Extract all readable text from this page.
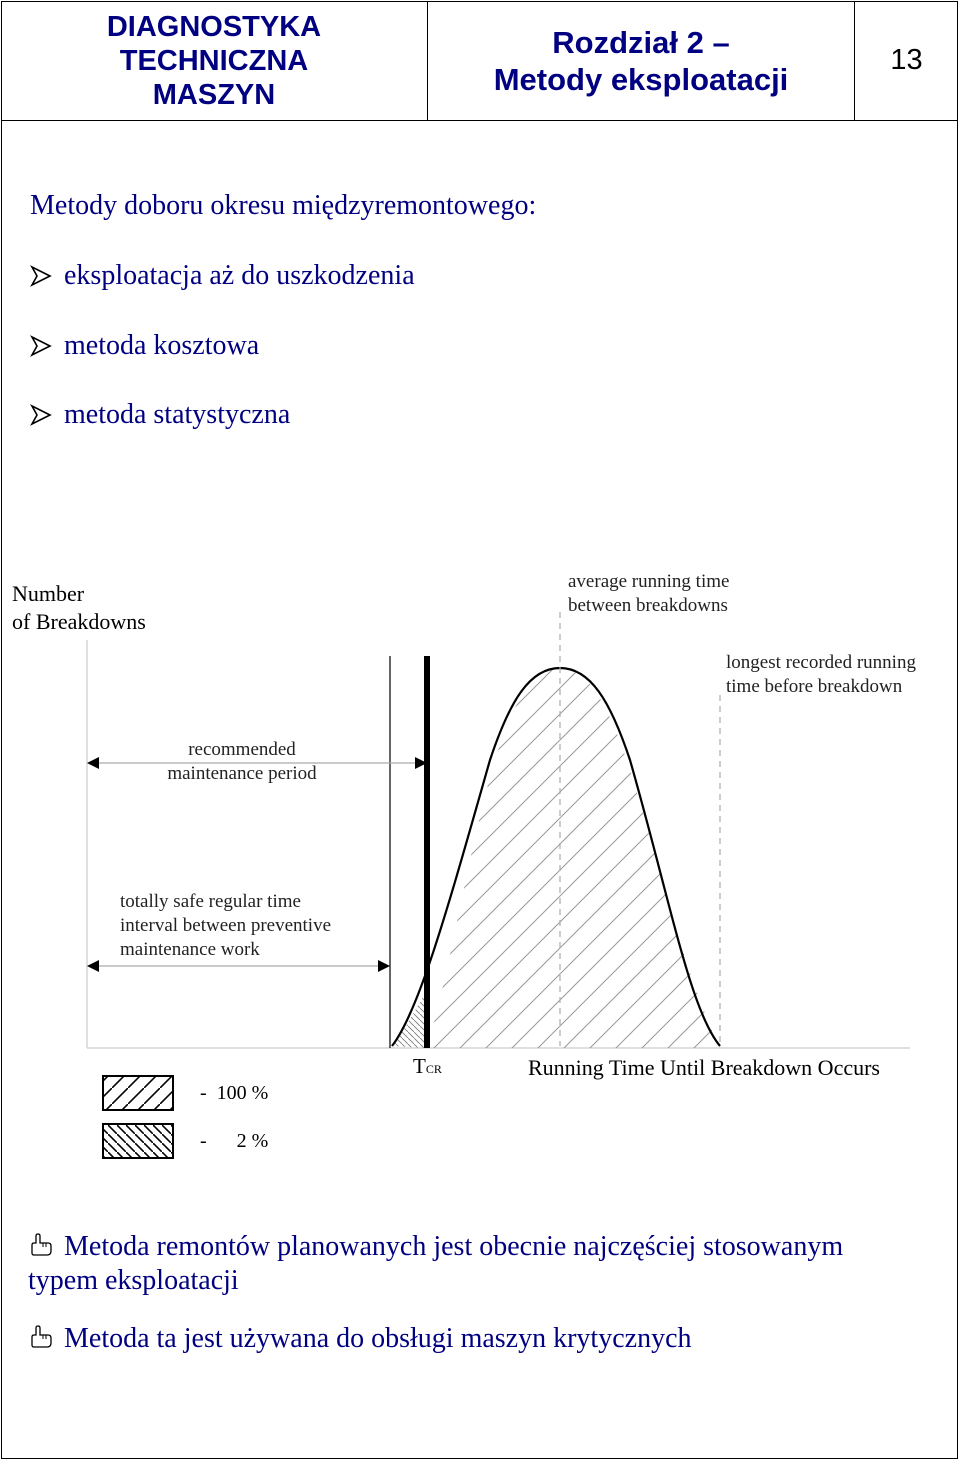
DIAGNOSTYKA
TECHNICZNA
MASZYN
Rozdział 2 –
Metody eksploatacji
13
Metody doboru okresu międzyremontowego:
eksploatacja aż do uszkodzenia
metoda kosztowa
metoda statystyczna
Number
of Breakdowns
average running time
between breakdowns
longest recorded running
time before breakdown
recommended
maintenance period
totally safe regular time
interval between preventive
maintenance work
TCR	Running Time Until Breakdown Occurs
- 100 %
- 2 %
Metoda remontów planowanych jest obecnie najczęściej stosowanym
typem eksploatacji
Metoda ta jest używana do obsługi maszyn krytycznych
